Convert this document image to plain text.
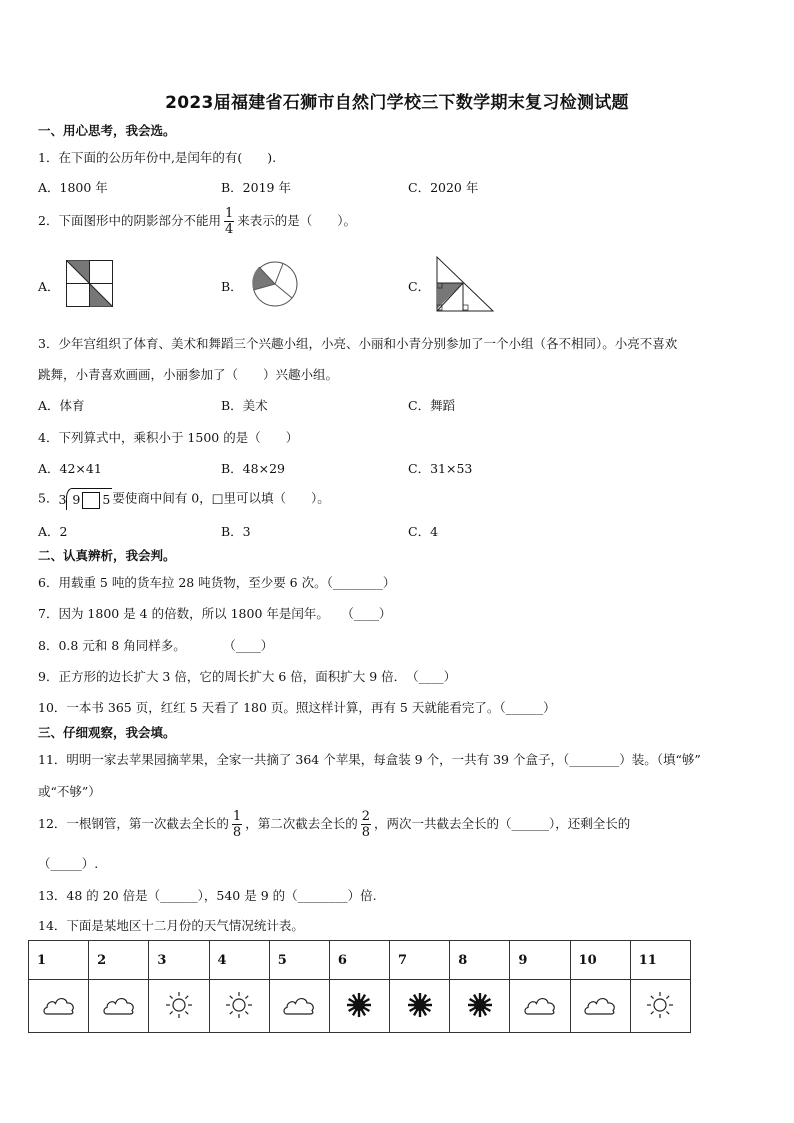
2023届福建省石狮市自然门学校三下数学期末复习检测试题
一、用心思考，我会选。
1．在下面的公历年份中,是闰年的有(　　).
A．1800 年	B．2019 年	C．2020 年
2．下面图形中的阴影部分不能用 $\frac{1}{4}$ 来表示的是（　　）。
A．	B．	C．
3．少年宫组织了体育、美术和舞蹈三个兴趣小组，小亮、小丽和小青分别参加了一个小组（各不相同）。小亮不喜欢
跳舞，小青喜欢画画，小丽参加了（　　）兴趣小组。
A．体育	B．美术	C．舞蹈
4．下列算式中，乘积小于 1500 的是（　　）
A．42×41	B．48×29	C．31×53
5．3 9 5 要使商中间有 0，□里可以填（　　）。
A．2	B．3	C．4
二、认真辨析，我会判。
6．用载重 5 吨的货车拉 28 吨货物，至少要 6 次。（________）
7．因为 1800 是 4 的倍数，所以 1800 年是闰年。　　（____）
8．0.8 元和 8 角同样多。　　　　（____）
9．正方形的边长扩大 3 倍，它的周长扩大 6 倍，面积扩大 9 倍．　（____）
10．一本书 365 页，红红 5 天看了 180 页。照这样计算，再有 5 天就能看完了。（______）
三、仔细观察，我会填。
11．明明一家去苹果园摘苹果，全家一共摘了 364 个苹果，每盒装 9 个，一共有 39 个盒子，（________）装。（填“够”
或“不够”）
12．一根钢管，第一次截去全长的 $\frac{1}{8}$ ，第二次截去全长的 $\frac{2}{8}$ ，两次一共截去全长的（______），还剩全长的
（_____）.
13．48 的 20 倍是（______），540 是 9 的（________）倍.
14．下面是某地区十二月份的天气情况统计表。
1	2	3	4	5	6	7	8	9	10	11
